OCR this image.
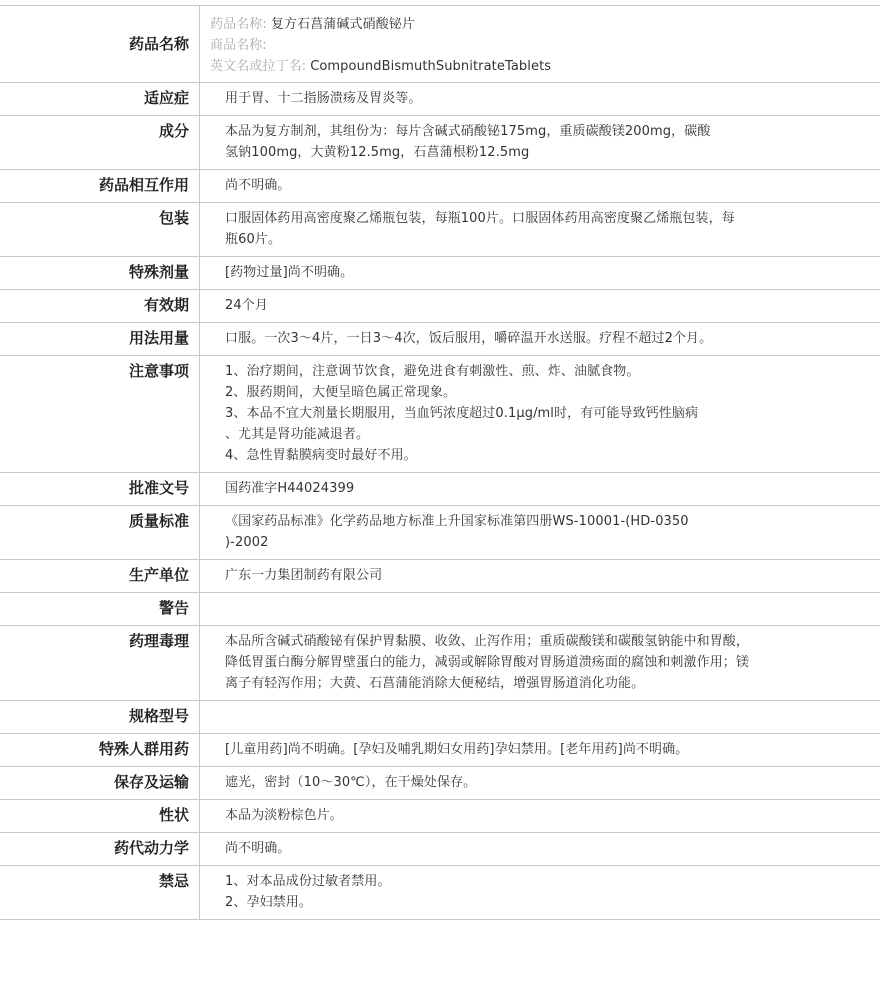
药品名称	药品名称: 复方石菖蒲碱式硝酸铋片
商品名称:
英文名或拉丁名: CompoundBismuthSubnitrateTablets

适应症	用于胃、十二指肠溃疡及胃炎等。

成分	本品为复方制剂，其组份为：每片含碱式硝酸铋175mg，重质碳酸镁200mg，碳酸
氢钠100mg，大黄粉12.5mg，石菖蒲根粉12.5mg

药品相互作用	尚不明确。

包装	口服固体药用高密度聚乙烯瓶包装，每瓶100片。口服固体药用高密度聚乙烯瓶包装，每
瓶60片。

特殊剂量	[药物过量]尚不明确。

有效期	24个月

用法用量	口服。一次3～4片，一日3～4次，饭后服用，嚼碎温开水送服。疗程不超过2个月。

注意事项	1、治疗期间，注意调节饮食，避免进食有刺激性、煎、炸、油腻食物。
2、服药期间，大便呈暗色属正常现象。
3、本品不宜大剂量长期服用，当血钙浓度超过0.1μg/ml时，有可能导致钙性脑病
、尤其是肾功能减退者。
4、急性胃黏膜病变时最好不用。

批准文号	国药准字H44024399

质量标准	《国家药品标准》化学药品地方标准上升国家标准第四册WS-10001-(HD-0350
)-2002

生产单位	广东一力集团制药有限公司

警告	

药理毒理	本品所含碱式硝酸铋有保护胃黏膜、收敛、止泻作用；重质碳酸镁和碳酸氢钠能中和胃酸，
降低胃蛋白酶分解胃壁蛋白的能力，减弱或解除胃酸对胃肠道溃疡面的腐蚀和刺激作用；镁
离子有轻泻作用；大黄、石菖蒲能消除大便秘结，增强胃肠道消化功能。

规格型号	

特殊人群用药	[儿童用药]尚不明确。[孕妇及哺乳期妇女用药]孕妇禁用。[老年用药]尚不明确。

保存及运输	遮光，密封（10～30℃），在干燥处保存。

性状	本品为淡粉棕色片。

药代动力学	尚不明确。

禁忌	1、对本品成份过敏者禁用。
2、孕妇禁用。
